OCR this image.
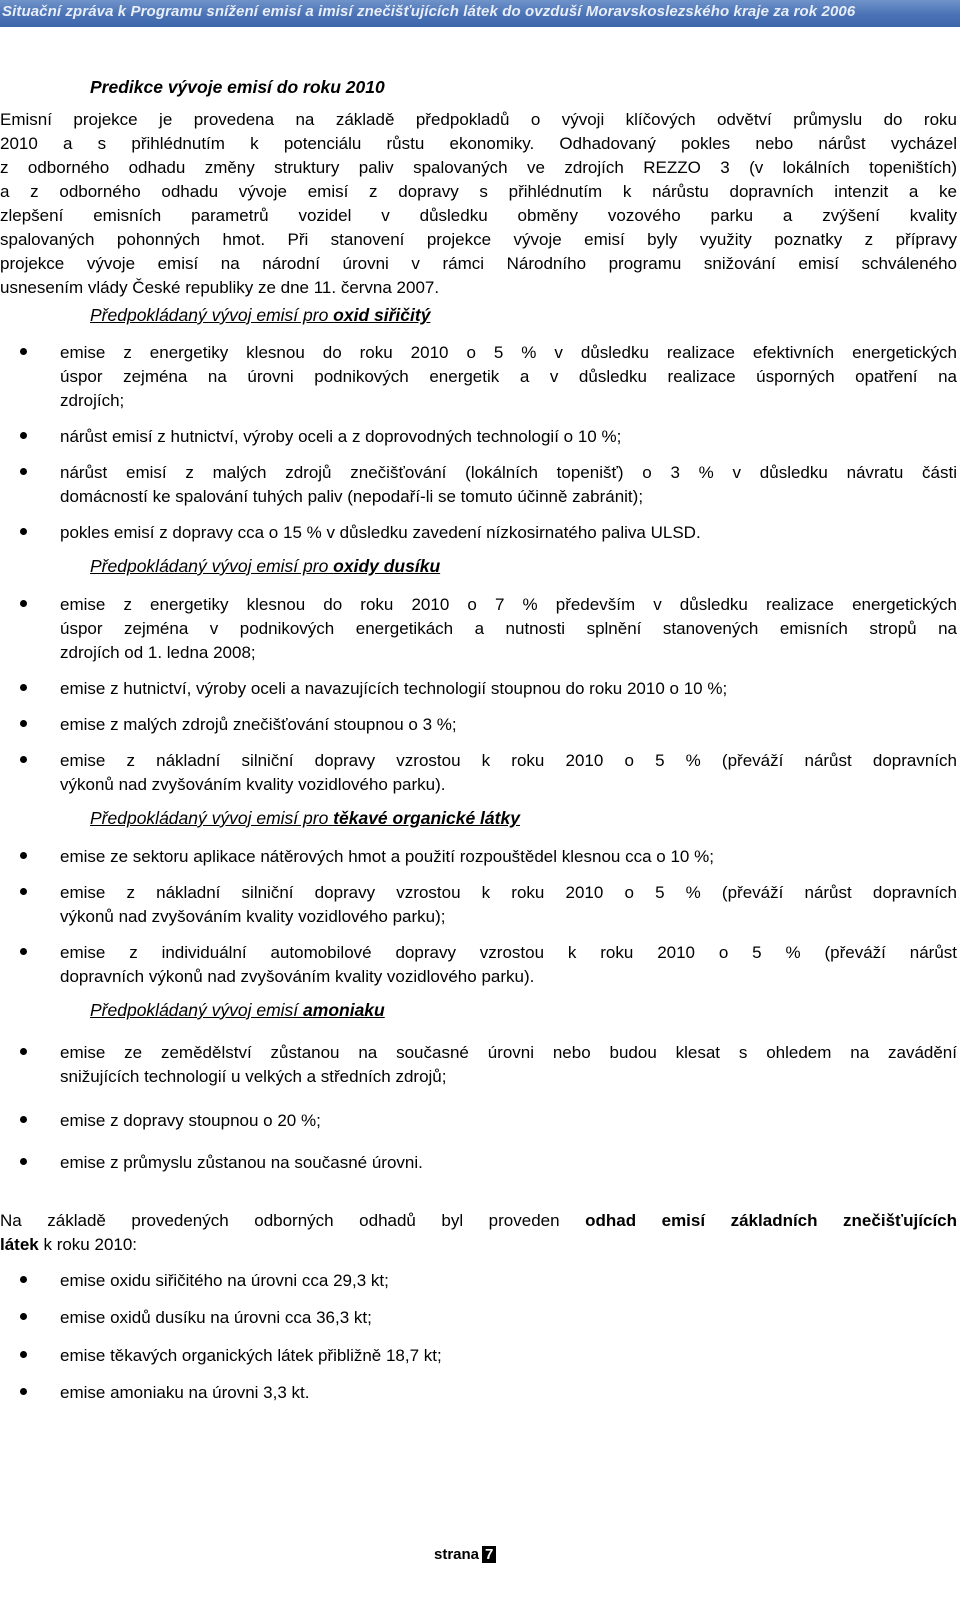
Situační zpráva k Programu snížení emisí a imisí znečišťujících látek do ovzduší Moravskoslezského kraje za rok 2006
Predikce vývoje emisí do roku 2010
Emisní projekce je provedena na základě předpokladů o vývoji klíčových odvětví průmyslu do roku
2010 a s přihlédnutím k potenciálu růstu ekonomiky. Odhadovaný pokles nebo nárůst vycházel
z odborného odhadu změny struktury paliv spalovaných ve zdrojích REZZO 3 (v lokálních topeništích)
a z odborného odhadu vývoje emisí z dopravy s přihlédnutím k nárůstu dopravních intenzit a ke
zlepšení emisních parametrů vozidel v důsledku obměny vozového parku a zvýšení kvality
spalovaných pohonných hmot. Při stanovení projekce vývoje emisí byly využity poznatky z přípravy
projekce vývoje emisí na národní úrovni v rámci Národního programu snižování emisí schváleného
usnesením vlády České republiky ze dne 11. června 2007.
Předpokládaný vývoj emisí pro oxid siřičitý
emise z energetiky klesnou do roku 2010 o 5 % v důsledku realizace efektivních energetických
úspor zejména na úrovni podnikových energetik a v důsledku realizace úsporných opatření na
zdrojích;
nárůst emisí z hutnictví, výroby oceli a z doprovodných technologií o 10 %;
nárůst emisí z malých zdrojů znečišťování (lokálních topenišť) o 3 % v důsledku návratu části
domácností ke spalování tuhých paliv (nepodaří-li se tomuto účinně zabránit);
pokles emisí z dopravy cca o 15 % v důsledku zavedení nízkosirnatého paliva ULSD.
Předpokládaný vývoj emisí pro oxidy dusíku
emise z energetiky klesnou do roku 2010 o 7 % především v důsledku realizace energetických
úspor zejména v podnikových energetikách a nutnosti splnění stanovených emisních stropů na
zdrojích od 1. ledna 2008;
emise z hutnictví, výroby oceli a navazujících technologií stoupnou do roku 2010 o 10 %;
emise z malých zdrojů znečišťování stoupnou o 3 %;
emise z nákladní silniční dopravy vzrostou k roku 2010 o 5 % (převáží nárůst dopravních
výkonů nad zvyšováním kvality vozidlového parku).
Předpokládaný vývoj emisí pro těkavé organické látky
emise ze sektoru aplikace nátěrových hmot a použití rozpouštědel klesnou cca o 10 %;
emise z nákladní silniční dopravy vzrostou k roku 2010 o 5 % (převáží nárůst dopravních
výkonů nad zvyšováním kvality vozidlového parku);
emise z individuální automobilové dopravy vzrostou k roku 2010 o 5 % (převáží nárůst
dopravních výkonů nad zvyšováním kvality vozidlového parku).
Předpokládaný vývoj emisí amoniaku
emise ze zemědělství zůstanou na současné úrovni nebo budou klesat s ohledem na zavádění
snižujících technologií u velkých a středních zdrojů;
emise z dopravy stoupnou o 20 %;
emise z průmyslu zůstanou na současné úrovni.
Na základě provedených odborných odhadů byl proveden odhad emisí základních znečišťujících
látek k roku 2010:
emise oxidu siřičitého na úrovni cca 29,3 kt;
emise oxidů dusíku na úrovni cca 36,3 kt;
emise těkavých organických látek přibližně 18,7 kt;
emise amoniaku na úrovni 3,3 kt.
strana 7
